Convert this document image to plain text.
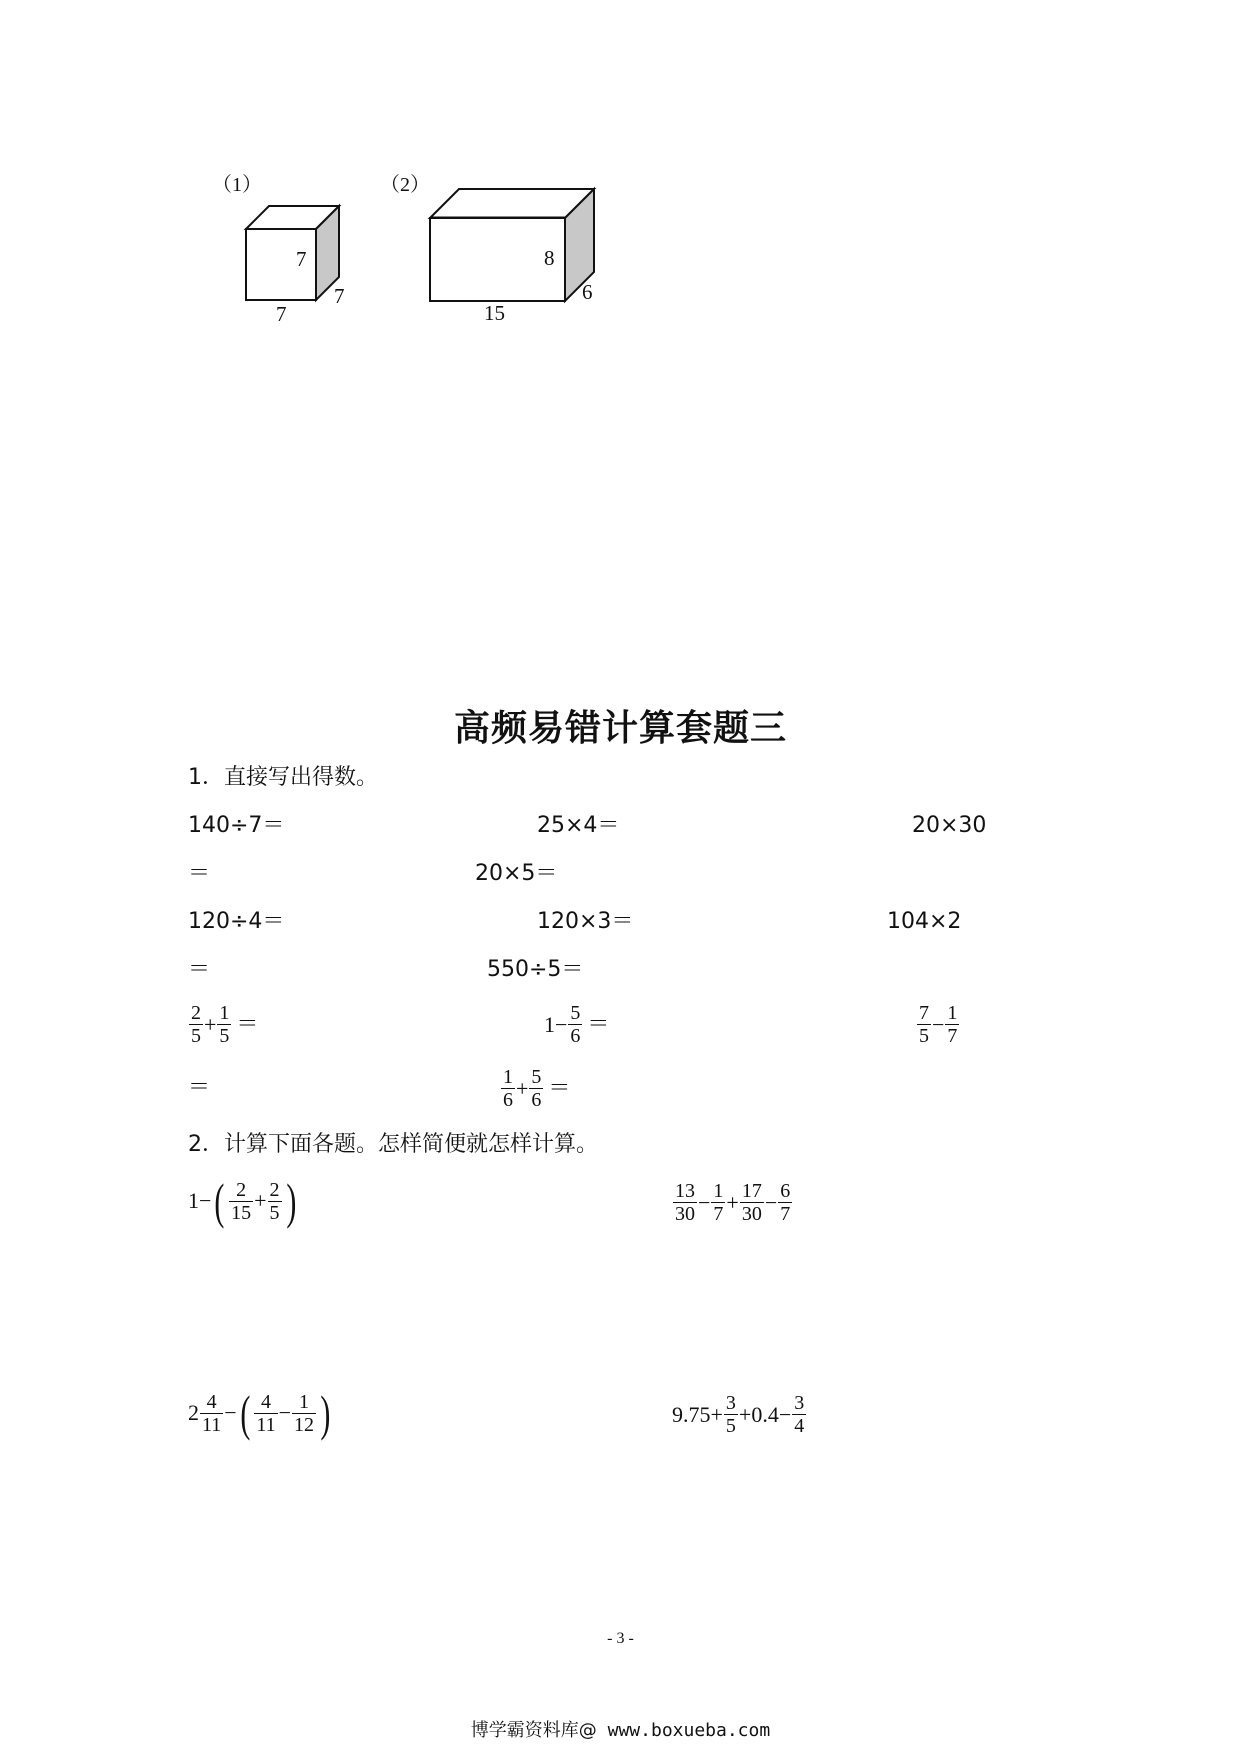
（1）	（2）
7
7
7
8
6
15
高频易错计算套题三
1．直接写出得数。
140÷7＝	25×4＝	20×30
＝	20×5＝
120÷4＝	120×3＝	104×2
＝	550÷5＝
$\frac{2}{5} + \frac{1}{5}$ ＝	$1 - \frac{5}{6}$ ＝	$\frac{7}{5} - \frac{1}{7}$
＝	$\frac{1}{6} + \frac{5}{6}$ ＝
2．计算下面各题。怎样简便就怎样计算。
1 − ( $\frac{2}{15} + \frac{2}{5}$ )	$\frac{13}{30} - \frac{1}{7} + \frac{17}{30} - \frac{6}{7}$
$2 \frac{4}{11}$ − ( $\frac{4}{11} - \frac{1}{12}$ )	$9.75 + \frac{3}{5} + 0.4 - \frac{3}{4}$
- 3 -
博学霸资料库@ www.boxueba.com
